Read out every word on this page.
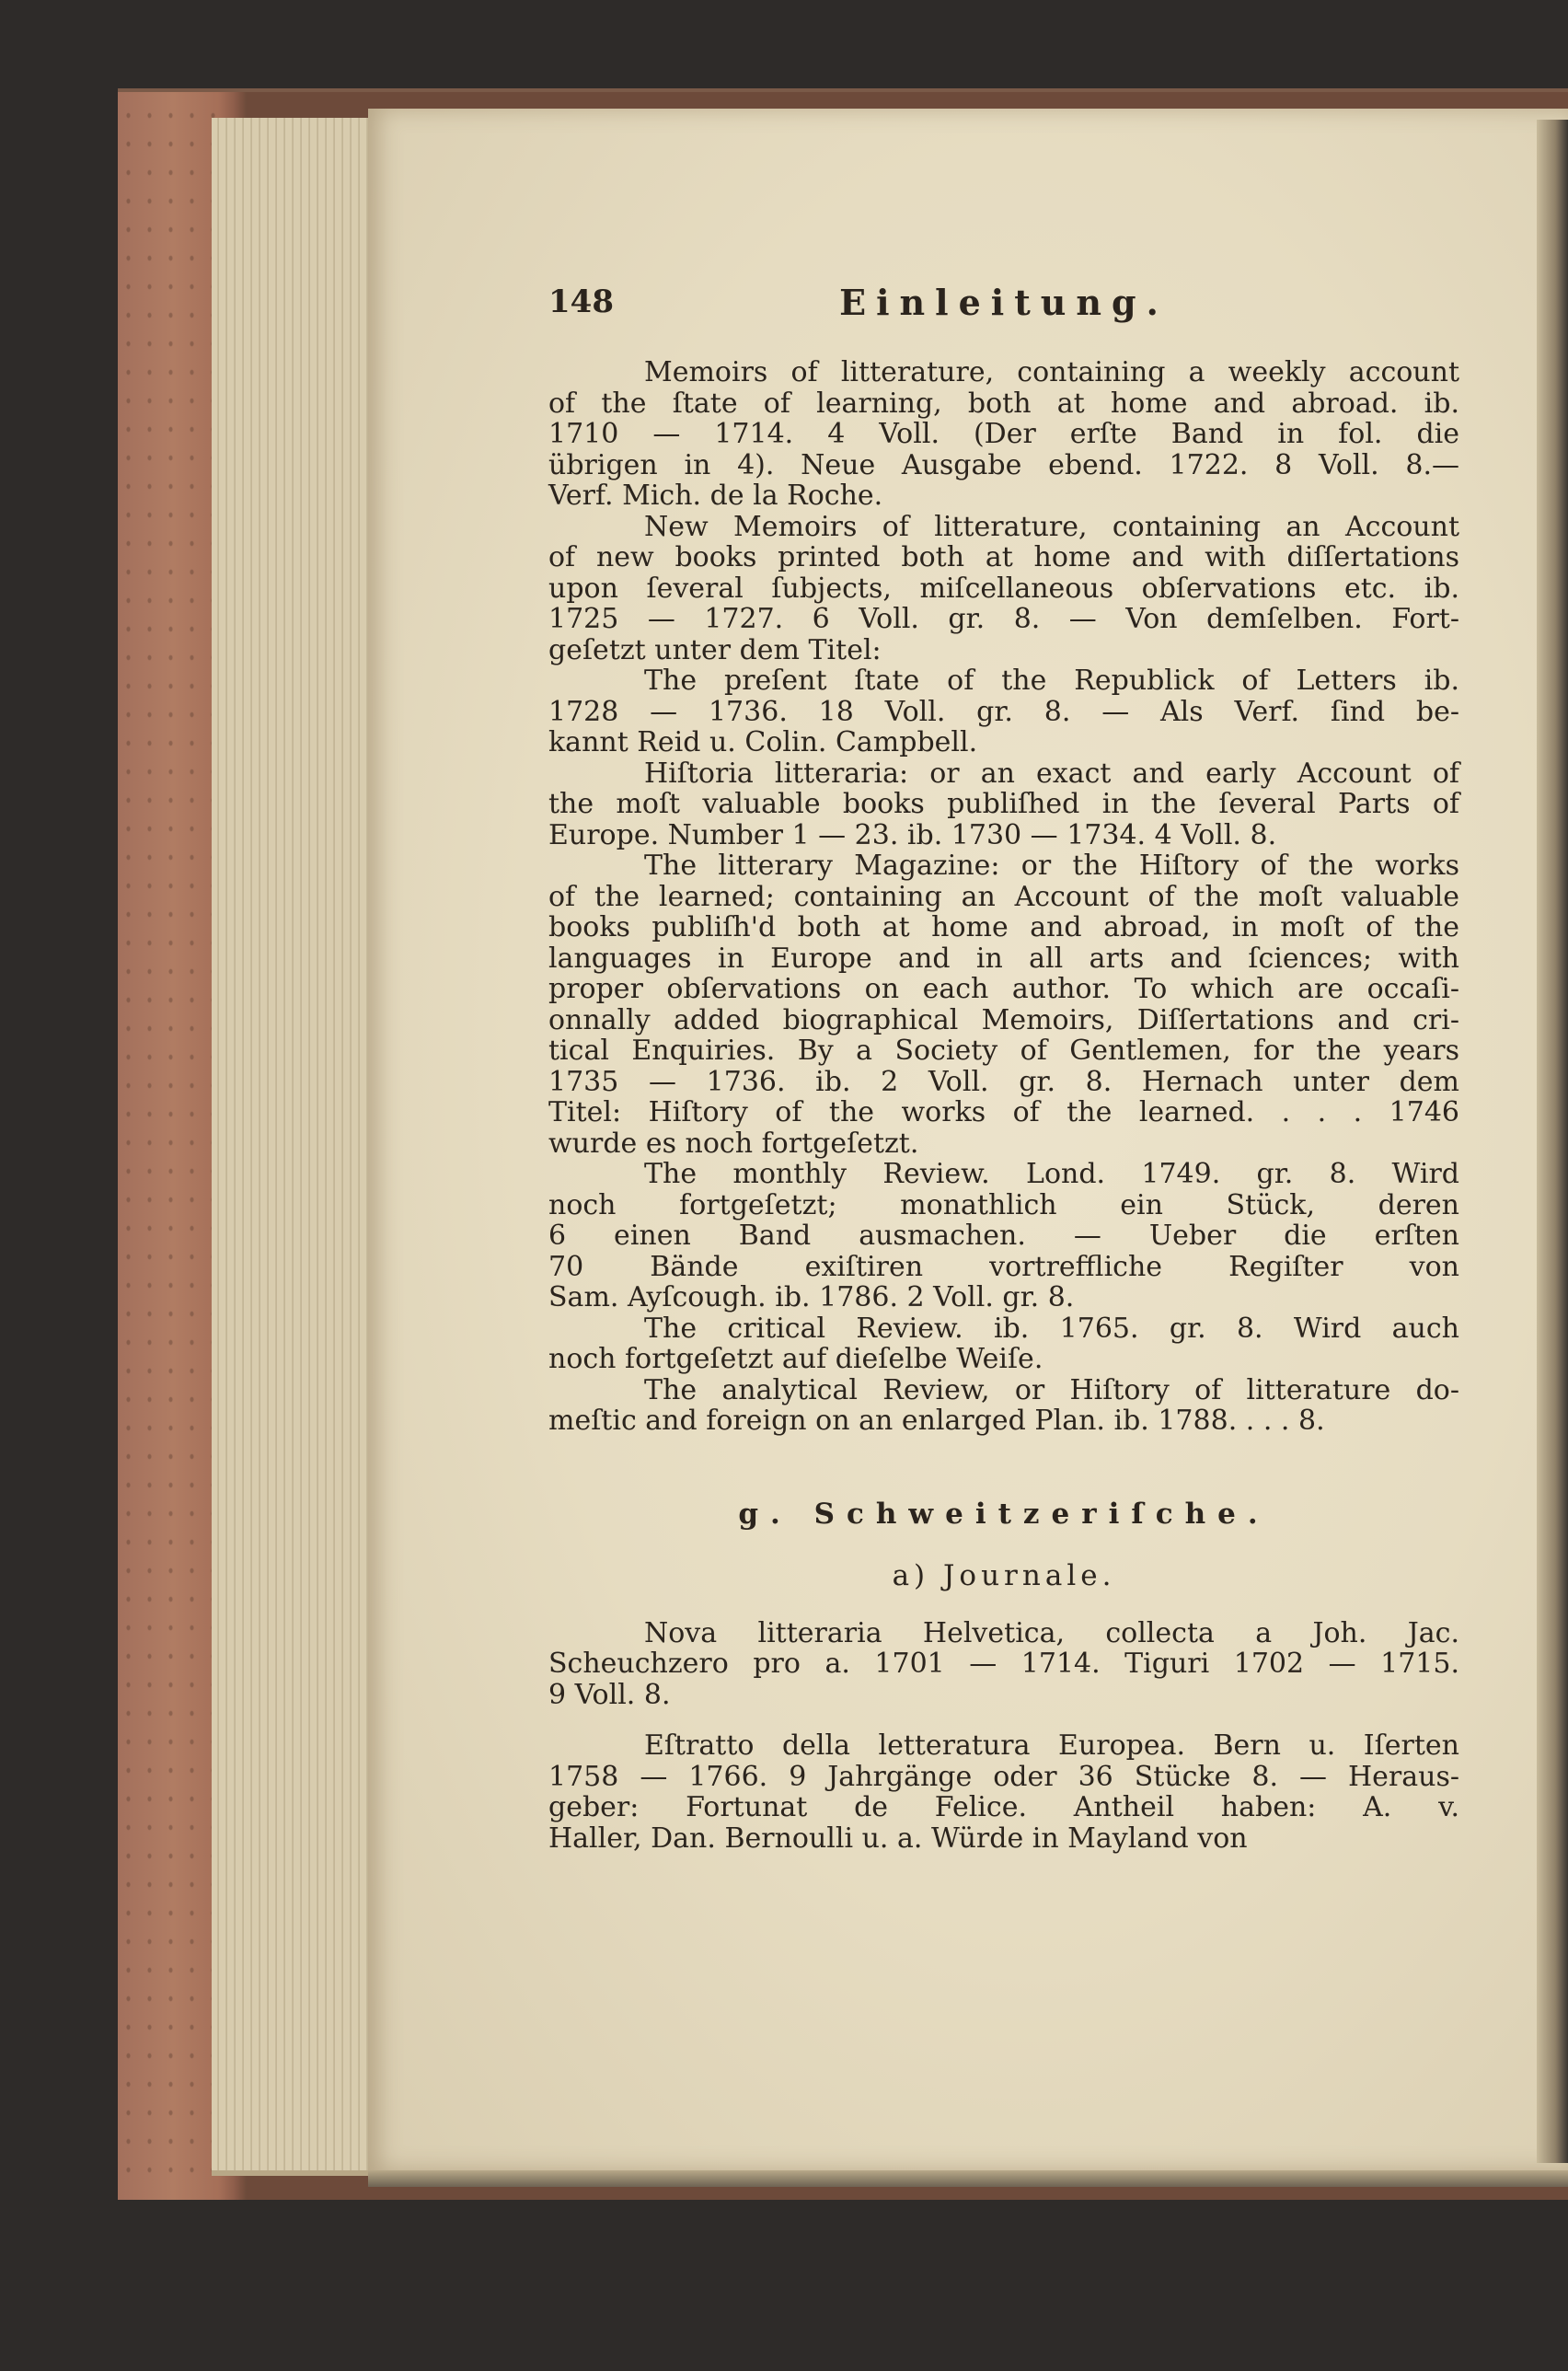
148	Einleitung.
Memoirs of litterature, containing a weekly account
of the ſtate of learning, both at home and abroad. ib.
1710 — 1714. 4 Voll. (Der erſte Band in fol. die
übrigen in 4). Neue Ausgabe ebend. 1722. 8 Voll. 8.—
Verf. Mich. de la Roche.
New Memoirs of litterature, containing an Account
of new books printed both at home and with diſſertations
upon ſeveral ſubjects, miſcellaneous obſervations etc. ib.
1725 — 1727. 6 Voll. gr. 8. — Von demſelben. Fort-
geſetzt unter dem Titel:
The preſent ſtate of the Republick of Letters ib.
1728 — 1736. 18 Voll. gr. 8. — Als Verf. ſind be-
kannt Reid u. Colin. Campbell.
Hiſtoria litteraria: or an exact and early Account of
the moſt valuable books publiſhed in the ſeveral Parts of
Europe. Number 1 — 23. ib. 1730 — 1734. 4 Voll. 8.
The litterary Magazine: or the Hiſtory of the works
of the learned; containing an Account of the moſt valuable
books publiſh'd both at home and abroad, in moſt of the
languages in Europe and in all arts and ſciences; with
proper obſervations on each author. To which are occaſi-
onnally added biographical Memoirs, Diſſertations and cri-
tical Enquiries. By a Society of Gentlemen, for the years
1735 — 1736. ib. 2 Voll. gr. 8. Hernach unter dem
Titel: Hiſtory of the works of the learned. . . . 1746
wurde es noch fortgeſetzt.
The monthly Review. Lond. 1749. gr. 8. Wird
noch fortgeſetzt; monathlich ein Stück, deren
6 einen Band ausmachen. — Ueber die erſten
70 Bände exiſtiren vortreffliche Regiſter von
Sam. Ayſcough. ib. 1786. 2 Voll. gr. 8.
The critical Review. ib. 1765. gr. 8. Wird auch
noch fortgeſetzt auf dieſelbe Weiſe.
The analytical Review, or Hiſtory of litterature do-
meſtic and foreign on an enlarged Plan. ib. 1788. . . . 8.
g. Schweitzeriſche.
a) Journale.
Nova litteraria Helvetica, collecta a Joh. Jac.
Scheuchzero pro a. 1701 — 1714. Tiguri 1702 — 1715.
9 Voll. 8.
Eſtratto della letteratura Europea. Bern u. Iſerten
1758 — 1766. 9 Jahrgänge oder 36 Stücke 8. — Heraus-
geber: Fortunat de Felice. Antheil haben: A. v.
Haller, Dan. Bernoulli u. a. Würde in Mayland von
